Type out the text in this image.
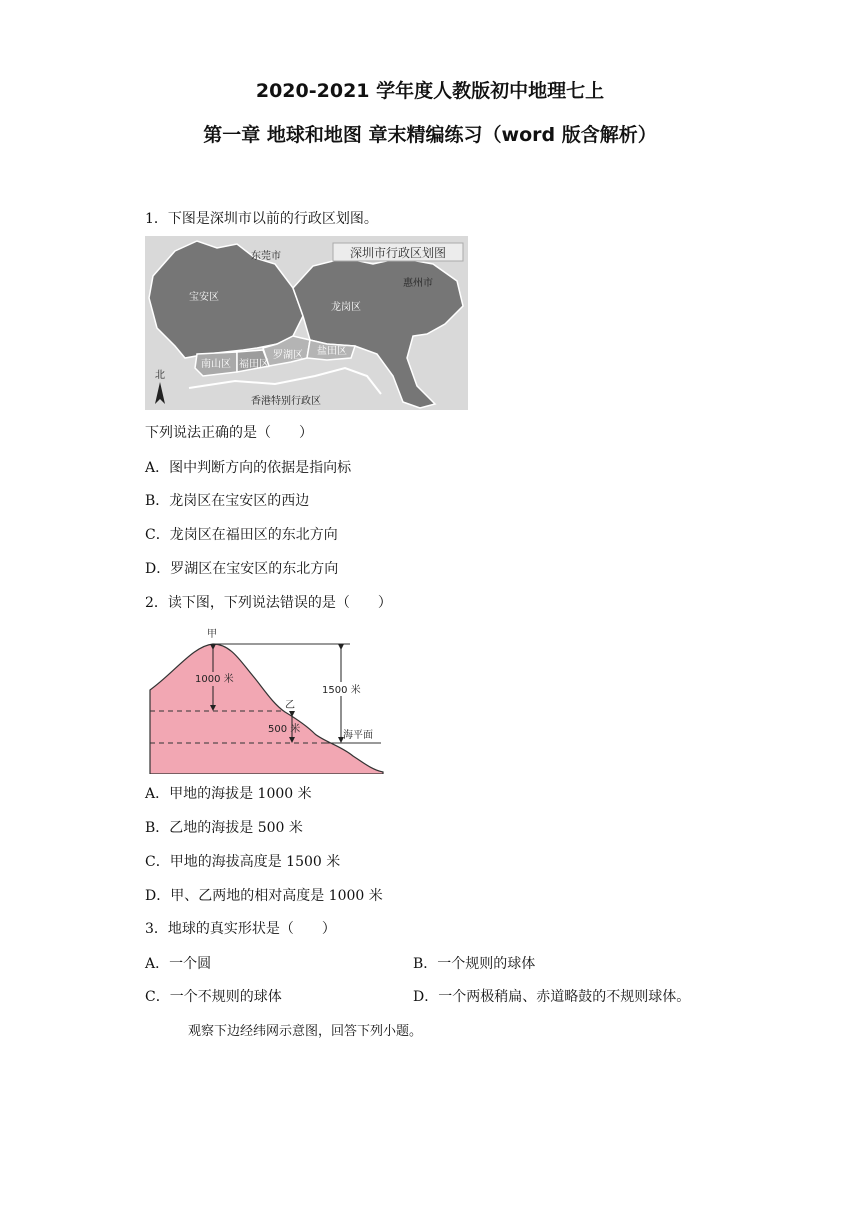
2020-2021 学年度人教版初中地理七上
第一章 地球和地图 章末精编练习（word 版含解析）
1．下图是深圳市以前的行政区划图。
深圳市行政区划图
东莞市
惠州市
宝安区
龙岗区
南山区 福田区
罗湖区 盐田区
香港特别行政区
北
下列说法正确的是（　　）
A．图中判断方向的依据是指向标
B．龙岗区在宝安区的西边
C．龙岗区在福田区的东北方向
D．罗湖区在宝安区的东北方向
2．读下图，下列说法错误的是（　　）
甲
乙
1000 米
500 米
1500 米
海平面
A．甲地的海拔是 1000 米
B．乙地的海拔是 500 米
C．甲地的海拔高度是 1500 米
D．甲、乙两地的相对高度是 1000 米
3．地球的真实形状是（　　）
A．一个圆	B．一个规则的球体
C．一个不规则的球体	D．一个两极稍扁、赤道略鼓的不规则球体。
观察下边经纬网示意图，回答下列小题。
